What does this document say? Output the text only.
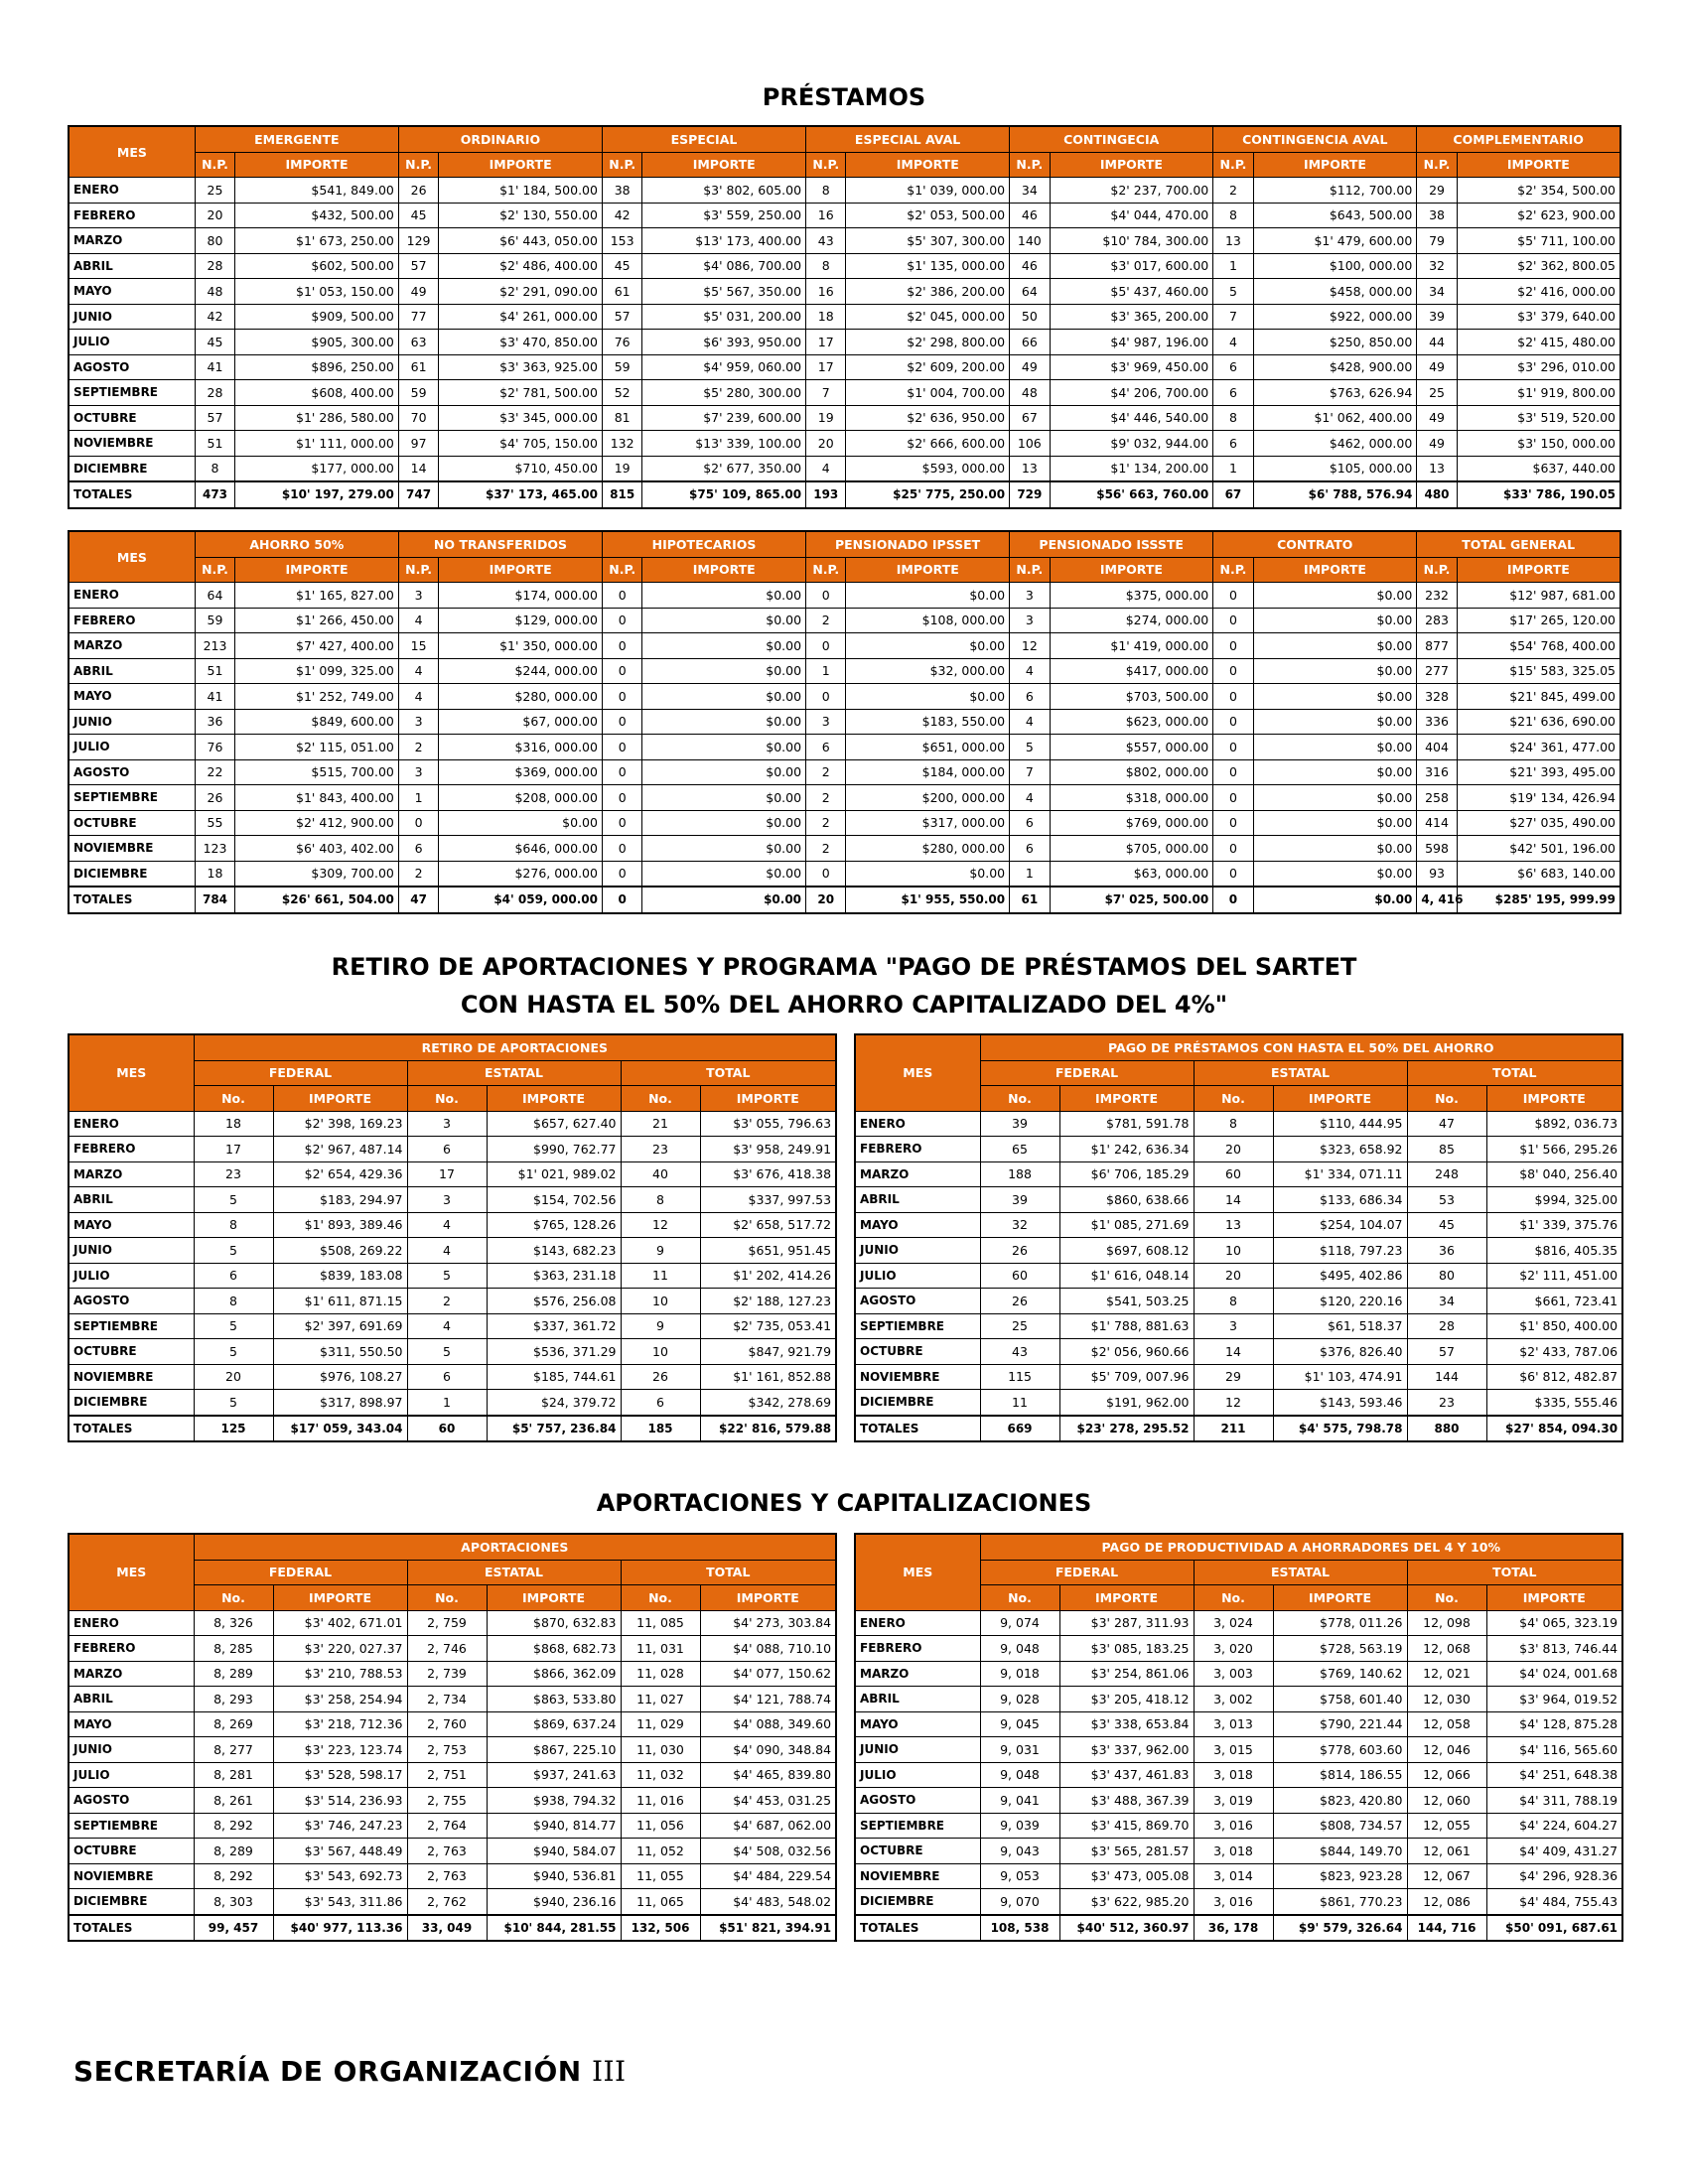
PRÉSTAMOS
MES	EMERGENTE		ORDINARIO		ESPECIAL		ESPECIAL AVAL		CONTINGECIA		CONTINGENCIA AVAL		COMPLEMENTARIO	
	N.P.	IMPORTE	N.P.	IMPORTE	N.P.	IMPORTE	N.P.	IMPORTE	N.P.	IMPORTE	N.P.	IMPORTE	N.P.	IMPORTE
ENERO	25	$541, 849.00	26	$1' 184, 500.00	38	$3' 802, 605.00	8	$1' 039, 000.00	34	$2' 237, 700.00	2	$112, 700.00	29	$2' 354, 500.00
FEBRERO	20	$432, 500.00	45	$2' 130, 550.00	42	$3' 559, 250.00	16	$2' 053, 500.00	46	$4' 044, 470.00	8	$643, 500.00	38	$2' 623, 900.00
MARZO	80	$1' 673, 250.00	129	$6' 443, 050.00	153	$13' 173, 400.00	43	$5' 307, 300.00	140	$10' 784, 300.00	13	$1' 479, 600.00	79	$5' 711, 100.00
ABRIL	28	$602, 500.00	57	$2' 486, 400.00	45	$4' 086, 700.00	8	$1' 135, 000.00	46	$3' 017, 600.00	1	$100, 000.00	32	$2' 362, 800.05
MAYO	48	$1' 053, 150.00	49	$2' 291, 090.00	61	$5' 567, 350.00	16	$2' 386, 200.00	64	$5' 437, 460.00	5	$458, 000.00	34	$2' 416, 000.00
JUNIO	42	$909, 500.00	77	$4' 261, 000.00	57	$5' 031, 200.00	18	$2' 045, 000.00	50	$3' 365, 200.00	7	$922, 000.00	39	$3' 379, 640.00
JULIO	45	$905, 300.00	63	$3' 470, 850.00	76	$6' 393, 950.00	17	$2' 298, 800.00	66	$4' 987, 196.00	4	$250, 850.00	44	$2' 415, 480.00
AGOSTO	41	$896, 250.00	61	$3' 363, 925.00	59	$4' 959, 060.00	17	$2' 609, 200.00	49	$3' 969, 450.00	6	$428, 900.00	49	$3' 296, 010.00
SEPTIEMBRE	28	$608, 400.00	59	$2' 781, 500.00	52	$5' 280, 300.00	7	$1' 004, 700.00	48	$4' 206, 700.00	6	$763, 626.94	25	$1' 919, 800.00
OCTUBRE	57	$1' 286, 580.00	70	$3' 345, 000.00	81	$7' 239, 600.00	19	$2' 636, 950.00	67	$4' 446, 540.00	8	$1' 062, 400.00	49	$3' 519, 520.00
NOVIEMBRE	51	$1' 111, 000.00	97	$4' 705, 150.00	132	$13' 339, 100.00	20	$2' 666, 600.00	106	$9' 032, 944.00	6	$462, 000.00	49	$3' 150, 000.00
DICIEMBRE	8	$177, 000.00	14	$710, 450.00	19	$2' 677, 350.00	4	$593, 000.00	13	$1' 134, 200.00	1	$105, 000.00	13	$637, 440.00
TOTALES	473	$10' 197, 279.00	747	$37' 173, 465.00	815	$75' 109, 865.00	193	$25' 775, 250.00	729	$56' 663, 760.00	67	$6' 788, 576.94	480	$33' 786, 190.05
MES	AHORRO 50%		NO TRANSFERIDOS		HIPOTECARIOS		PENSIONADO IPSSET		PENSIONADO ISSSTE		CONTRATO		TOTAL GENERAL	
	N.P.	IMPORTE	N.P.	IMPORTE	N.P.	IMPORTE	N.P.	IMPORTE	N.P.	IMPORTE	N.P.	IMPORTE	N.P.	IMPORTE
ENERO	64	$1' 165, 827.00	3	$174, 000.00	0	$0.00	0	$0.00	3	$375, 000.00	0	$0.00	232	$12' 987, 681.00
FEBRERO	59	$1' 266, 450.00	4	$129, 000.00	0	$0.00	2	$108, 000.00	3	$274, 000.00	0	$0.00	283	$17' 265, 120.00
MARZO	213	$7' 427, 400.00	15	$1' 350, 000.00	0	$0.00	0	$0.00	12	$1' 419, 000.00	0	$0.00	877	$54' 768, 400.00
ABRIL	51	$1' 099, 325.00	4	$244, 000.00	0	$0.00	1	$32, 000.00	4	$417, 000.00	0	$0.00	277	$15' 583, 325.05
MAYO	41	$1' 252, 749.00	4	$280, 000.00	0	$0.00	0	$0.00	6	$703, 500.00	0	$0.00	328	$21' 845, 499.00
JUNIO	36	$849, 600.00	3	$67, 000.00	0	$0.00	3	$183, 550.00	4	$623, 000.00	0	$0.00	336	$21' 636, 690.00
JULIO	76	$2' 115, 051.00	2	$316, 000.00	0	$0.00	6	$651, 000.00	5	$557, 000.00	0	$0.00	404	$24' 361, 477.00
AGOSTO	22	$515, 700.00	3	$369, 000.00	0	$0.00	2	$184, 000.00	7	$802, 000.00	0	$0.00	316	$21' 393, 495.00
SEPTIEMBRE	26	$1' 843, 400.00	1	$208, 000.00	0	$0.00	2	$200, 000.00	4	$318, 000.00	0	$0.00	258	$19' 134, 426.94
OCTUBRE	55	$2' 412, 900.00	0	$0.00	0	$0.00	2	$317, 000.00	6	$769, 000.00	0	$0.00	414	$27' 035, 490.00
NOVIEMBRE	123	$6' 403, 402.00	6	$646, 000.00	0	$0.00	2	$280, 000.00	6	$705, 000.00	0	$0.00	598	$42' 501, 196.00
DICIEMBRE	18	$309, 700.00	2	$276, 000.00	0	$0.00	0	$0.00	1	$63, 000.00	0	$0.00	93	$6' 683, 140.00
TOTALES	784	$26' 661, 504.00	47	$4' 059, 000.00	0	$0.00	20	$1' 955, 550.00	61	$7' 025, 500.00	0	$0.00	4, 416	$285' 195, 999.99
RETIRO DE APORTACIONES Y PROGRAMA "PAGO DE PRÉSTAMOS DEL SARTET
CON HASTA EL 50% DEL AHORRO CAPITALIZADO DEL 4%"
	RETIRO DE APORTACIONES					
MES	FEDERAL		ESTATAL		TOTAL	
	No.	IMPORTE	No.	IMPORTE	No.	IMPORTE
ENERO	18	$2' 398, 169.23	3	$657, 627.40	21	$3' 055, 796.63
FEBRERO	17	$2' 967, 487.14	6	$990, 762.77	23	$3' 958, 249.91
MARZO	23	$2' 654, 429.36	17	$1' 021, 989.02	40	$3' 676, 418.38
ABRIL	5	$183, 294.97	3	$154, 702.56	8	$337, 997.53
MAYO	8	$1' 893, 389.46	4	$765, 128.26	12	$2' 658, 517.72
JUNIO	5	$508, 269.22	4	$143, 682.23	9	$651, 951.45
JULIO	6	$839, 183.08	5	$363, 231.18	11	$1' 202, 414.26
AGOSTO	8	$1' 611, 871.15	2	$576, 256.08	10	$2' 188, 127.23
SEPTIEMBRE	5	$2' 397, 691.69	4	$337, 361.72	9	$2' 735, 053.41
OCTUBRE	5	$311, 550.50	5	$536, 371.29	10	$847, 921.79
NOVIEMBRE	20	$976, 108.27	6	$185, 744.61	26	$1' 161, 852.88
DICIEMBRE	5	$317, 898.97	1	$24, 379.72	6	$342, 278.69
TOTALES	125	$17' 059, 343.04	60	$5' 757, 236.84	185	$22' 816, 579.88
	PAGO DE PRÉSTAMOS CON HASTA EL 50% DEL AHORRO					
MES	FEDERAL		ESTATAL		TOTAL	
	No.	IMPORTE	No.	IMPORTE	No.	IMPORTE
ENERO	39	$781, 591.78	8	$110, 444.95	47	$892, 036.73
FEBRERO	65	$1' 242, 636.34	20	$323, 658.92	85	$1' 566, 295.26
MARZO	188	$6' 706, 185.29	60	$1' 334, 071.11	248	$8' 040, 256.40
ABRIL	39	$860, 638.66	14	$133, 686.34	53	$994, 325.00
MAYO	32	$1' 085, 271.69	13	$254, 104.07	45	$1' 339, 375.76
JUNIO	26	$697, 608.12	10	$118, 797.23	36	$816, 405.35
JULIO	60	$1' 616, 048.14	20	$495, 402.86	80	$2' 111, 451.00
AGOSTO	26	$541, 503.25	8	$120, 220.16	34	$661, 723.41
SEPTIEMBRE	25	$1' 788, 881.63	3	$61, 518.37	28	$1' 850, 400.00
OCTUBRE	43	$2' 056, 960.66	14	$376, 826.40	57	$2' 433, 787.06
NOVIEMBRE	115	$5' 709, 007.96	29	$1' 103, 474.91	144	$6' 812, 482.87
DICIEMBRE	11	$191, 962.00	12	$143, 593.46	23	$335, 555.46
TOTALES	669	$23' 278, 295.52	211	$4' 575, 798.78	880	$27' 854, 094.30
APORTACIONES Y CAPITALIZACIONES
	APORTACIONES					
MES	FEDERAL		ESTATAL		TOTAL	
	No.	IMPORTE	No.	IMPORTE	No.	IMPORTE
ENERO	8, 326	$3' 402, 671.01	2, 759	$870, 632.83	11, 085	$4' 273, 303.84
FEBRERO	8, 285	$3' 220, 027.37	2, 746	$868, 682.73	11, 031	$4' 088, 710.10
MARZO	8, 289	$3' 210, 788.53	2, 739	$866, 362.09	11, 028	$4' 077, 150.62
ABRIL	8, 293	$3' 258, 254.94	2, 734	$863, 533.80	11, 027	$4' 121, 788.74
MAYO	8, 269	$3' 218, 712.36	2, 760	$869, 637.24	11, 029	$4' 088, 349.60
JUNIO	8, 277	$3' 223, 123.74	2, 753	$867, 225.10	11, 030	$4' 090, 348.84
JULIO	8, 281	$3' 528, 598.17	2, 751	$937, 241.63	11, 032	$4' 465, 839.80
AGOSTO	8, 261	$3' 514, 236.93	2, 755	$938, 794.32	11, 016	$4' 453, 031.25
SEPTIEMBRE	8, 292	$3' 746, 247.23	2, 764	$940, 814.77	11, 056	$4' 687, 062.00
OCTUBRE	8, 289	$3' 567, 448.49	2, 763	$940, 584.07	11, 052	$4' 508, 032.56
NOVIEMBRE	8, 292	$3' 543, 692.73	2, 763	$940, 536.81	11, 055	$4' 484, 229.54
DICIEMBRE	8, 303	$3' 543, 311.86	2, 762	$940, 236.16	11, 065	$4' 483, 548.02
TOTALES	99, 457	$40' 977, 113.36	33, 049	$10' 844, 281.55	132, 506	$51' 821, 394.91
	PAGO DE PRODUCTIVIDAD A AHORRADORES DEL 4 Y 10%					
MES	FEDERAL		ESTATAL		TOTAL	
	No.	IMPORTE	No.	IMPORTE	No.	IMPORTE
ENERO	9, 074	$3' 287, 311.93	3, 024	$778, 011.26	12, 098	$4' 065, 323.19
FEBRERO	9, 048	$3' 085, 183.25	3, 020	$728, 563.19	12, 068	$3' 813, 746.44
MARZO	9, 018	$3' 254, 861.06	3, 003	$769, 140.62	12, 021	$4' 024, 001.68
ABRIL	9, 028	$3' 205, 418.12	3, 002	$758, 601.40	12, 030	$3' 964, 019.52
MAYO	9, 045	$3' 338, 653.84	3, 013	$790, 221.44	12, 058	$4' 128, 875.28
JUNIO	9, 031	$3' 337, 962.00	3, 015	$778, 603.60	12, 046	$4' 116, 565.60
JULIO	9, 048	$3' 437, 461.83	3, 018	$814, 186.55	12, 066	$4' 251, 648.38
AGOSTO	9, 041	$3' 488, 367.39	3, 019	$823, 420.80	12, 060	$4' 311, 788.19
SEPTIEMBRE	9, 039	$3' 415, 869.70	3, 016	$808, 734.57	12, 055	$4' 224, 604.27
OCTUBRE	9, 043	$3' 565, 281.57	3, 018	$844, 149.70	12, 061	$4' 409, 431.27
NOVIEMBRE	9, 053	$3' 473, 005.08	3, 014	$823, 923.28	12, 067	$4' 296, 928.36
DICIEMBRE	9, 070	$3' 622, 985.20	3, 016	$861, 770.23	12, 086	$4' 484, 755.43
TOTALES	108, 538	$40' 512, 360.97	36, 178	$9' 579, 326.64	144, 716	$50' 091, 687.61
SECRETARÍA DE ORGANIZACIÓN III
